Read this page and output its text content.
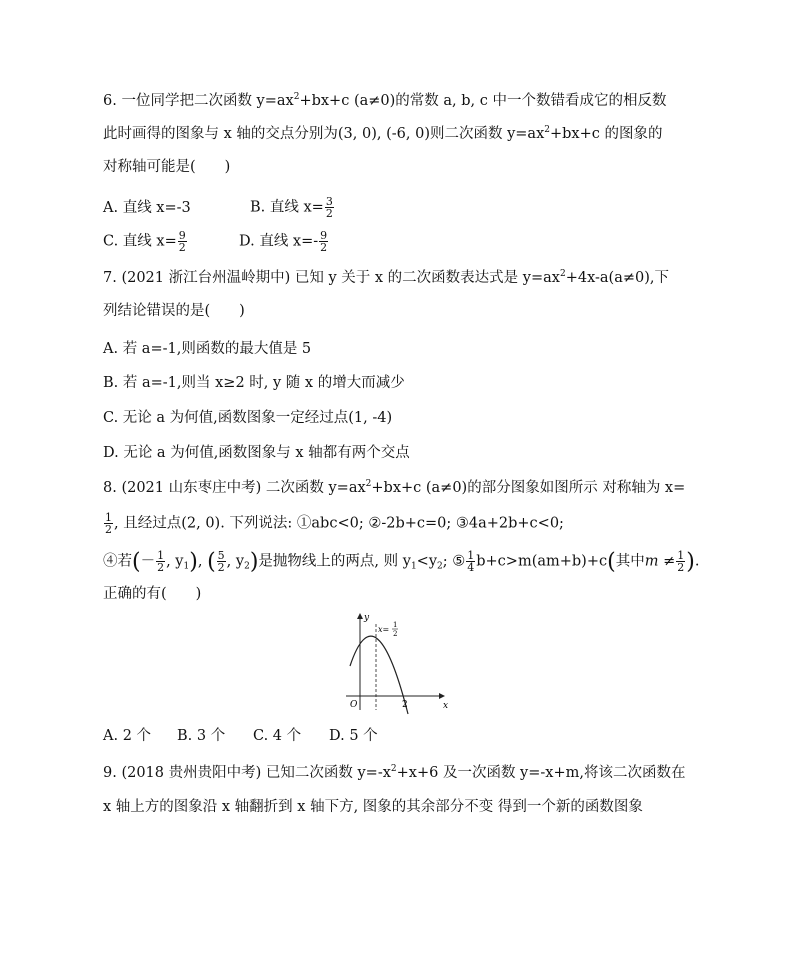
6. 一位同学把二次函数 $y=ax^2+bx+c$ (a≠0)的常数 a, b, c 中一个数错看成它的相反数
此时画得的图象与 x 轴的交点分别为(3, 0), (-6, 0)则二次函数 $y=ax^2+bx+c$ 的图象的
对称轴可能是(　　)
A. 直线 x=-3	B. 直线 $x= \frac{3}{2}$
C. 直线 $x= \frac{9}{2}$	D. 直线 $x=- \frac{9}{2}$
7. (2021 浙江台州温岭期中) 已知 y 关于 x 的二次函数表达式是 $y=ax^2+4x-a(a\ne 0)$,下
列结论错误的是(　　)
A. 若 a=-1,则函数的最大值是 5
B. 若 a=-1,则当 x≥2 时, y 随 x 的增大而减少
C. 无论 a 为何值,函数图象一定经过点(1, -4)
D. 无论 a 为何值,函数图象与 x 轴都有两个交点
8. (2021 山东枣庄中考) 二次函数 $y=ax^2+bx+c$ (a≠0)的部分图象如图所示 对称轴为 x=
$\frac{1}{2}$ , 且经过点(2, 0). 下列说法: ①abc<0; ②-2b+c=0; ③4a+2b+c<0;
④若(－ $\frac{1}{2}$ , $y_1$), ( $\frac{5}{2}$ , $y_2$)是抛物线上的两点, 则 $y_1<y_2$; ⑤ $\frac{1}{4} b+c>m(am+b)+c$(其中$m \ne \frac{1}{2}$ ).
正确的有(　　)
x
y
O	2
x= 1
2
A. 2 个 B. 3 个 C. 4 个 D. 5 个
9. (2018 贵州贵阳中考) 已知二次函数 $y=-x^2+x+6$ 及一次函数 y=-x+m,将该二次函数在
x 轴上方的图象沿 x 轴翻折到 x 轴下方, 图象的其余部分不变 得到一个新的函数图象
